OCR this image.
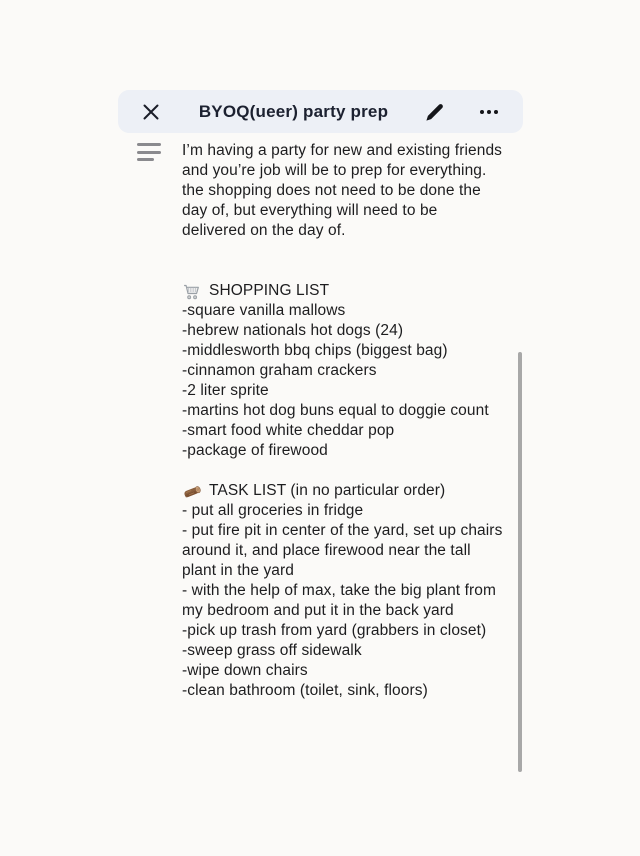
BYOQ(ueer) party prep
I’m having a party for new and existing friends and you’re job will be to prep for everything. the shopping does not need to be done the day of, but everything will need to be delivered on the day of.
SHOPPING LIST
-square vanilla mallows
-hebrew nationals hot dogs (24)
-middlesworth bbq chips (biggest bag)
-cinnamon graham crackers
-2 liter sprite
-martins hot dog buns equal to doggie count
-smart food white cheddar pop
-package of firewood
TASK LIST (in no particular order)
- put all groceries in fridge
- put fire pit in center of the yard, set up chairs around it, and place firewood near the tall plant in the yard
- with the help of max, take the big plant from my bedroom and put it in the back yard
-pick up trash from yard (grabbers in closet)
-sweep grass off sidewalk
-wipe down chairs
-clean bathroom (toilet, sink, floors)
